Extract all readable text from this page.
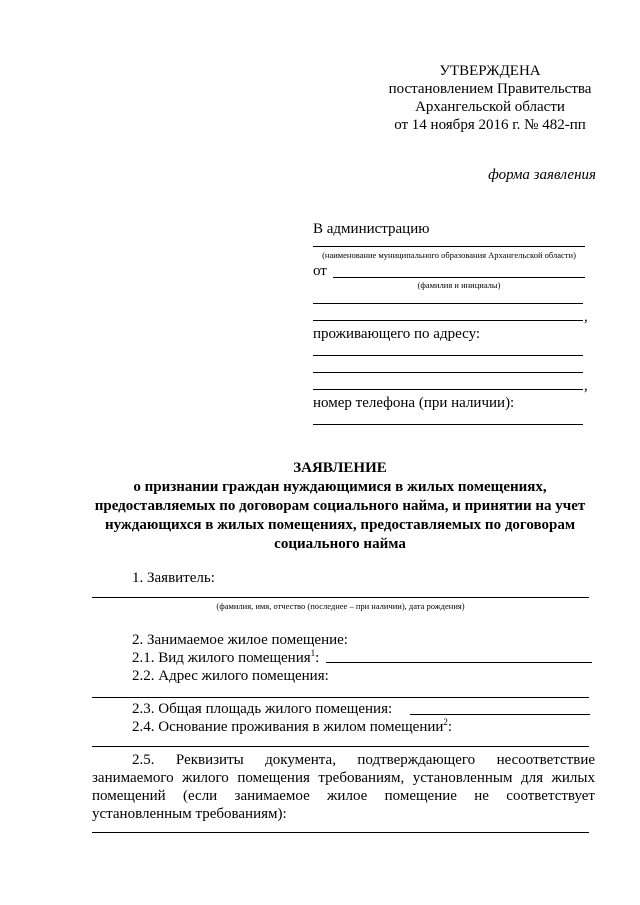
УТВЕРЖДЕНА
постановлением Правительства
Архангельской области
от 14 ноября 2016 г. № 482-пп
форма заявления
В администрацию
(наименование муниципального образования Архангельской области)
от
(фамилия и инициалы)
,
проживающего по адресу:
,
номер телефона (при наличии):
ЗАЯВЛЕНИЕ
о признании граждан нуждающимися в жилых помещениях,
предоставляемых по договорам социального найма, и принятии на учет
нуждающихся в жилых помещениях, предоставляемых по договорам
социального найма
1. Заявитель:
(фамилия, имя, отчество (последнее – при наличии), дата рождения)
2. Занимаемое жилое помещение:
2.1. Вид жилого помещения$^1$:
2.2. Адрес жилого помещения:
2.3. Общая площадь жилого помещения:
2.4. Основание проживания в жилом помещении$^2$:
2.5. Реквизиты документа, подтверждающего несоответствие занимаемого жилого помещения требованиям, установленным для жилых помещений (если занимаемое жилое помещение не соответствует установленным требованиям):
